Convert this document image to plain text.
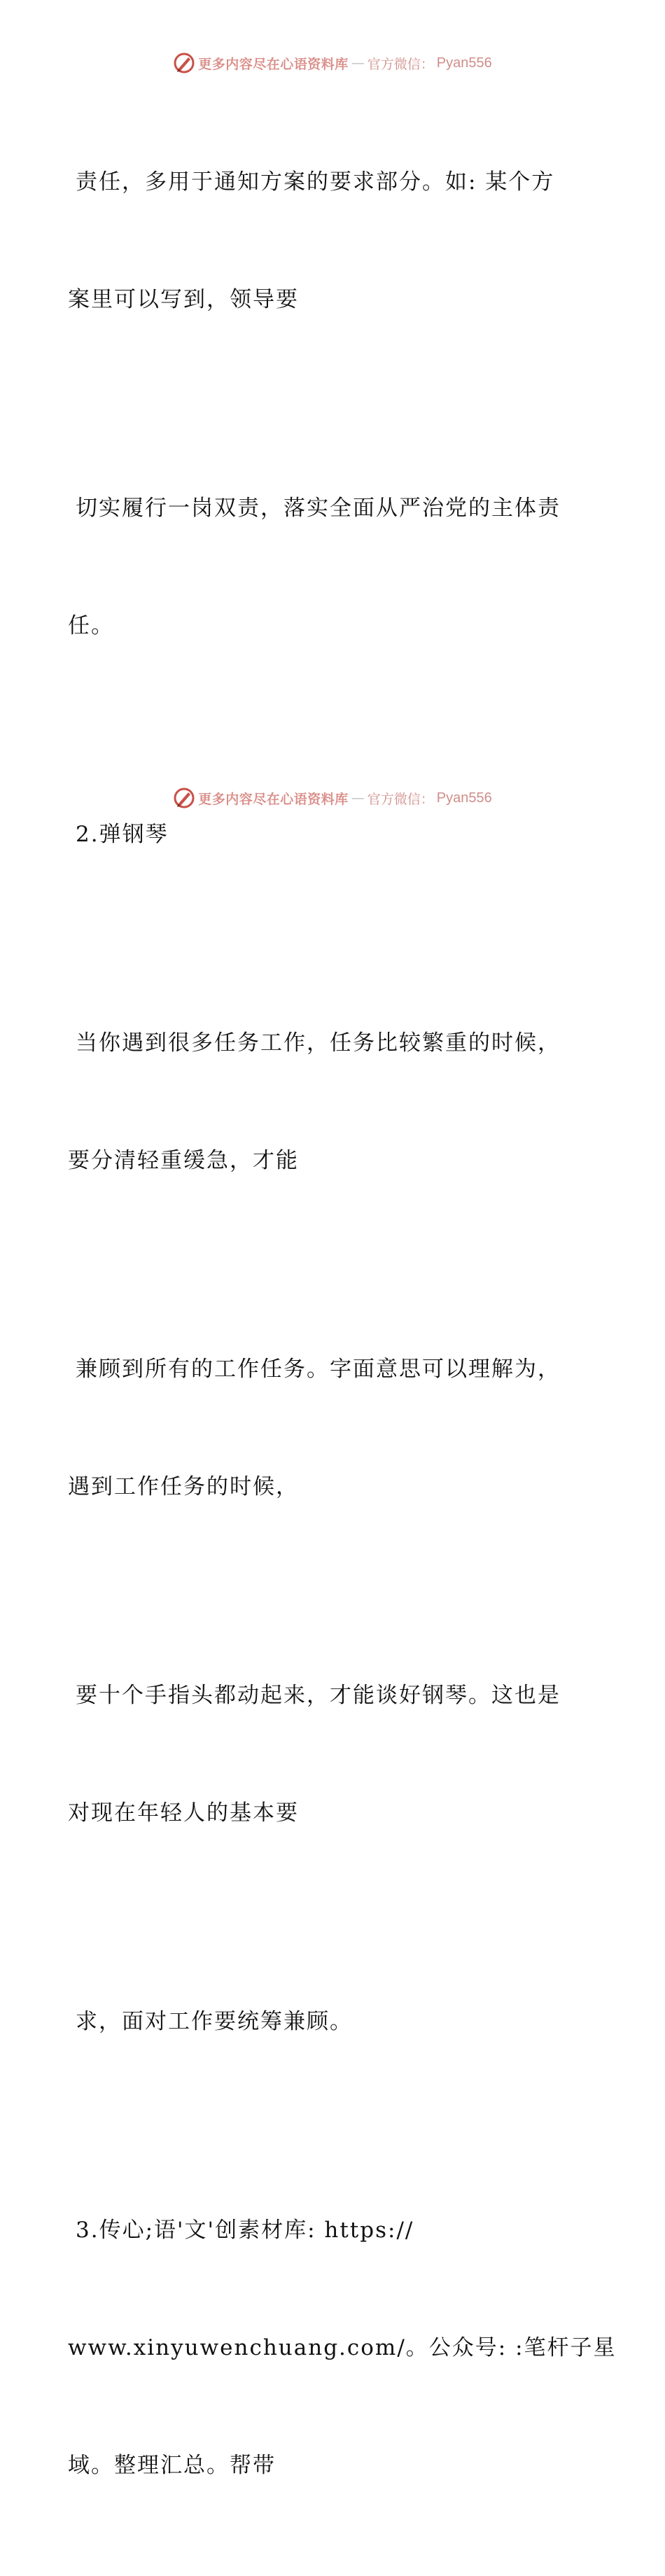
更多内容尽在心语资料库 — 官方微信： Pyan556

责任，多用于通知方案的要求部分。如: 某个方

案里可以写到，领导要

切实履行一岗双责，落实全面从严治党的主体责

任。

2.弹钢琴

当你遇到很多任务工作，任务比较繁重的时候，

要分清轻重缓急，才能

兼顾到所有的工作任务。字面意思可以理解为，

遇到工作任务的时候，

要十个手指头都动起来，才能谈好钢琴。这也是

对现在年轻人的基本要

求，面对工作要统筹兼顾。

3.传心;语'文'创素材库: https://

www.xinyuwenchuang.com/。公众号: :笔杆子星

域。整理汇总。帮带

更多内容尽在心语资料库 — 官方微信： Pyan556
